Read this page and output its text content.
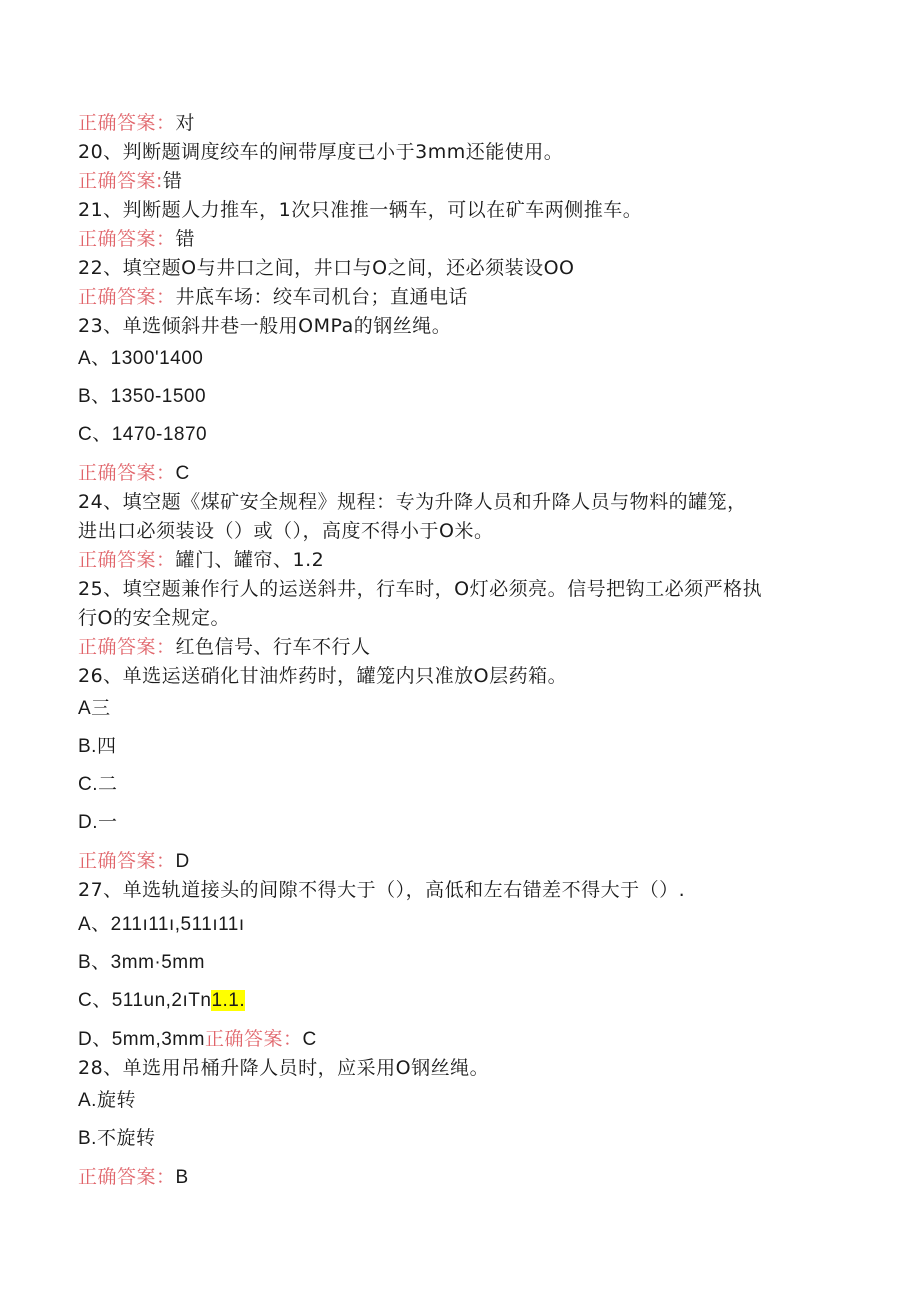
正确答案：对
20、判断题调度绞车的闸带厚度已小于3mm还能使用。
正确答案:错
21、判断题人力推车，1次只准推一辆车，可以在矿车两侧推车。
正确答案：错
22、填空题O与井口之间，井口与O之间，还必须装设OO
正确答案：井底车场：绞车司机台；直通电话
23、单选倾斜井巷一般用OMPa的钢丝绳。
A、1300'1400
B、1350-1500
C、1470-1870
正确答案：C
24、填空题《煤矿安全规程》规程：专为升降人员和升降人员与物料的罐笼，
进出口必须装设（）或（），高度不得小于O米。
正确答案：罐门、罐帘、1.2
25、填空题兼作行人的运送斜井，行车时，O灯必须亮。信号把钩工必须严格执
行O的安全规定。
正确答案：红色信号、行车不行人
26、单选运送硝化甘油炸药时，罐笼内只准放O层药箱。
A三
B.四
C.二
D.一
正确答案：D
27、单选轨道接头的间隙不得大于（），高低和左右错差不得大于（）.
A、211ı11ı,511ı11ı
B、3mm·5mm
C、511un,2ıTn1.1.
D、5mm,3mm正确答案：C
28、单选用吊桶升降人员时，应采用O钢丝绳。
A.旋转
B.不旋转
正确答案：B
